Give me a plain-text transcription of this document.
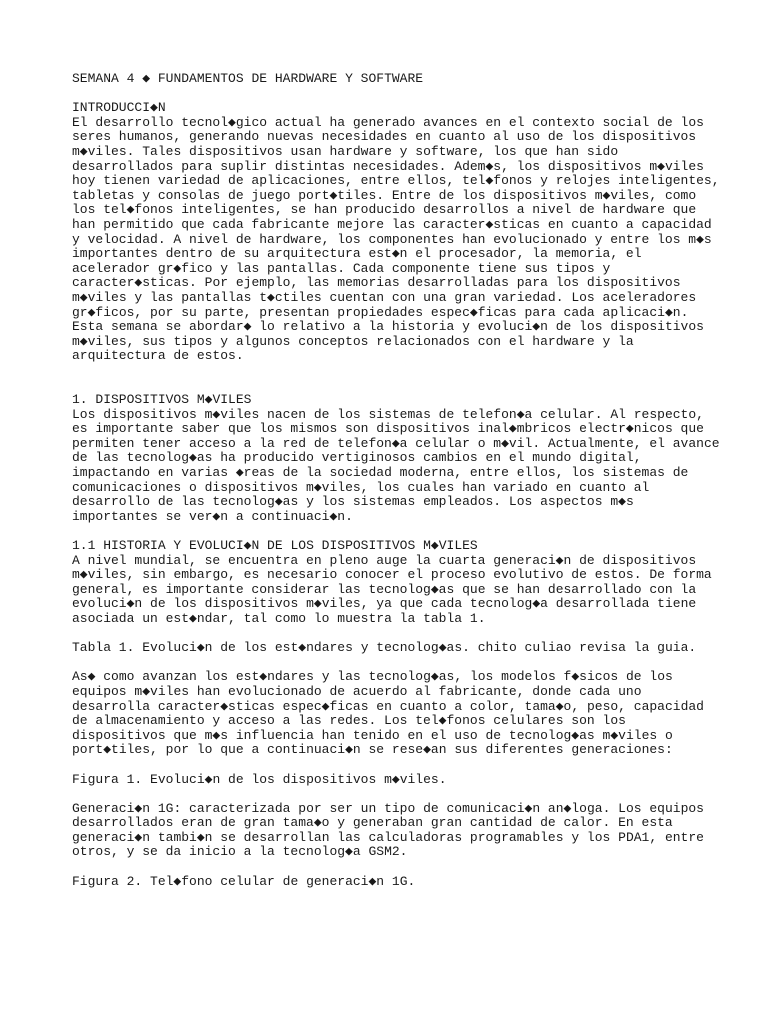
SEMANA 4 ◆ FUNDAMENTOS DE HARDWARE Y SOFTWARE
INTRODUCCI◆N
El desarrollo tecnol◆gico actual ha generado avances en el contexto social de los
seres humanos, generando nuevas necesidades en cuanto al uso de los dispositivos
m◆viles. Tales dispositivos usan hardware y software, los que han sido
desarrollados para suplir distintas necesidades. Adem◆s, los dispositivos m◆viles
hoy tienen variedad de aplicaciones, entre ellos, tel◆fonos y relojes inteligentes,
tabletas y consolas de juego port◆tiles. Entre de los dispositivos m◆viles, como
los tel◆fonos inteligentes, se han producido desarrollos a nivel de hardware que
han permitido que cada fabricante mejore las caracter◆sticas en cuanto a capacidad
y velocidad. A nivel de hardware, los componentes han evolucionado y entre los m◆s
importantes dentro de su arquitectura est◆n el procesador, la memoria, el
acelerador gr◆fico y las pantallas. Cada componente tiene sus tipos y
caracter◆sticas. Por ejemplo, las memorias desarrolladas para los dispositivos
m◆viles y las pantallas t◆ctiles cuentan con una gran variedad. Los aceleradores
gr◆ficos, por su parte, presentan propiedades espec◆ficas para cada aplicaci◆n.
Esta semana se abordar◆ lo relativo a la historia y evoluci◆n de los dispositivos
m◆viles, sus tipos y algunos conceptos relacionados con el hardware y la
arquitectura de estos.
1. DISPOSITIVOS M◆VILES
Los dispositivos m◆viles nacen de los sistemas de telefon◆a celular. Al respecto,
es importante saber que los mismos son dispositivos inal◆mbricos electr◆nicos que
permiten tener acceso a la red de telefon◆a celular o m◆vil. Actualmente, el avance
de las tecnolog◆as ha producido vertiginosos cambios en el mundo digital,
impactando en varias ◆reas de la sociedad moderna, entre ellos, los sistemas de
comunicaciones o dispositivos m◆viles, los cuales han variado en cuanto al
desarrollo de las tecnolog◆as y los sistemas empleados. Los aspectos m◆s
importantes se ver◆n a continuaci◆n.
1.1 HISTORIA Y EVOLUCI◆N DE LOS DISPOSITIVOS M◆VILES
A nivel mundial, se encuentra en pleno auge la cuarta generaci◆n de dispositivos
m◆viles, sin embargo, es necesario conocer el proceso evolutivo de estos. De forma
general, es importante considerar las tecnolog◆as que se han desarrollado con la
evoluci◆n de los dispositivos m◆viles, ya que cada tecnolog◆a desarrollada tiene
asociada un est◆ndar, tal como lo muestra la tabla 1.
Tabla 1. Evoluci◆n de los est◆ndares y tecnolog◆as. chito culiao revisa la guia.
As◆ como avanzan los est◆ndares y las tecnolog◆as, los modelos f◆sicos de los
equipos m◆viles han evolucionado de acuerdo al fabricante, donde cada uno
desarrolla caracter◆sticas espec◆ficas en cuanto a color, tama◆o, peso, capacidad
de almacenamiento y acceso a las redes. Los tel◆fonos celulares son los
dispositivos que m◆s influencia han tenido en el uso de tecnolog◆as m◆viles o
port◆tiles, por lo que a continuaci◆n se rese◆an sus diferentes generaciones:
Figura 1. Evoluci◆n de los dispositivos m◆viles.
Generaci◆n 1G: caracterizada por ser un tipo de comunicaci◆n an◆loga. Los equipos
desarrollados eran de gran tama◆o y generaban gran cantidad de calor. En esta
generaci◆n tambi◆n se desarrollan las calculadoras programables y los PDA1, entre
otros, y se da inicio a la tecnolog◆a GSM2.
Figura 2. Tel◆fono celular de generaci◆n 1G.
